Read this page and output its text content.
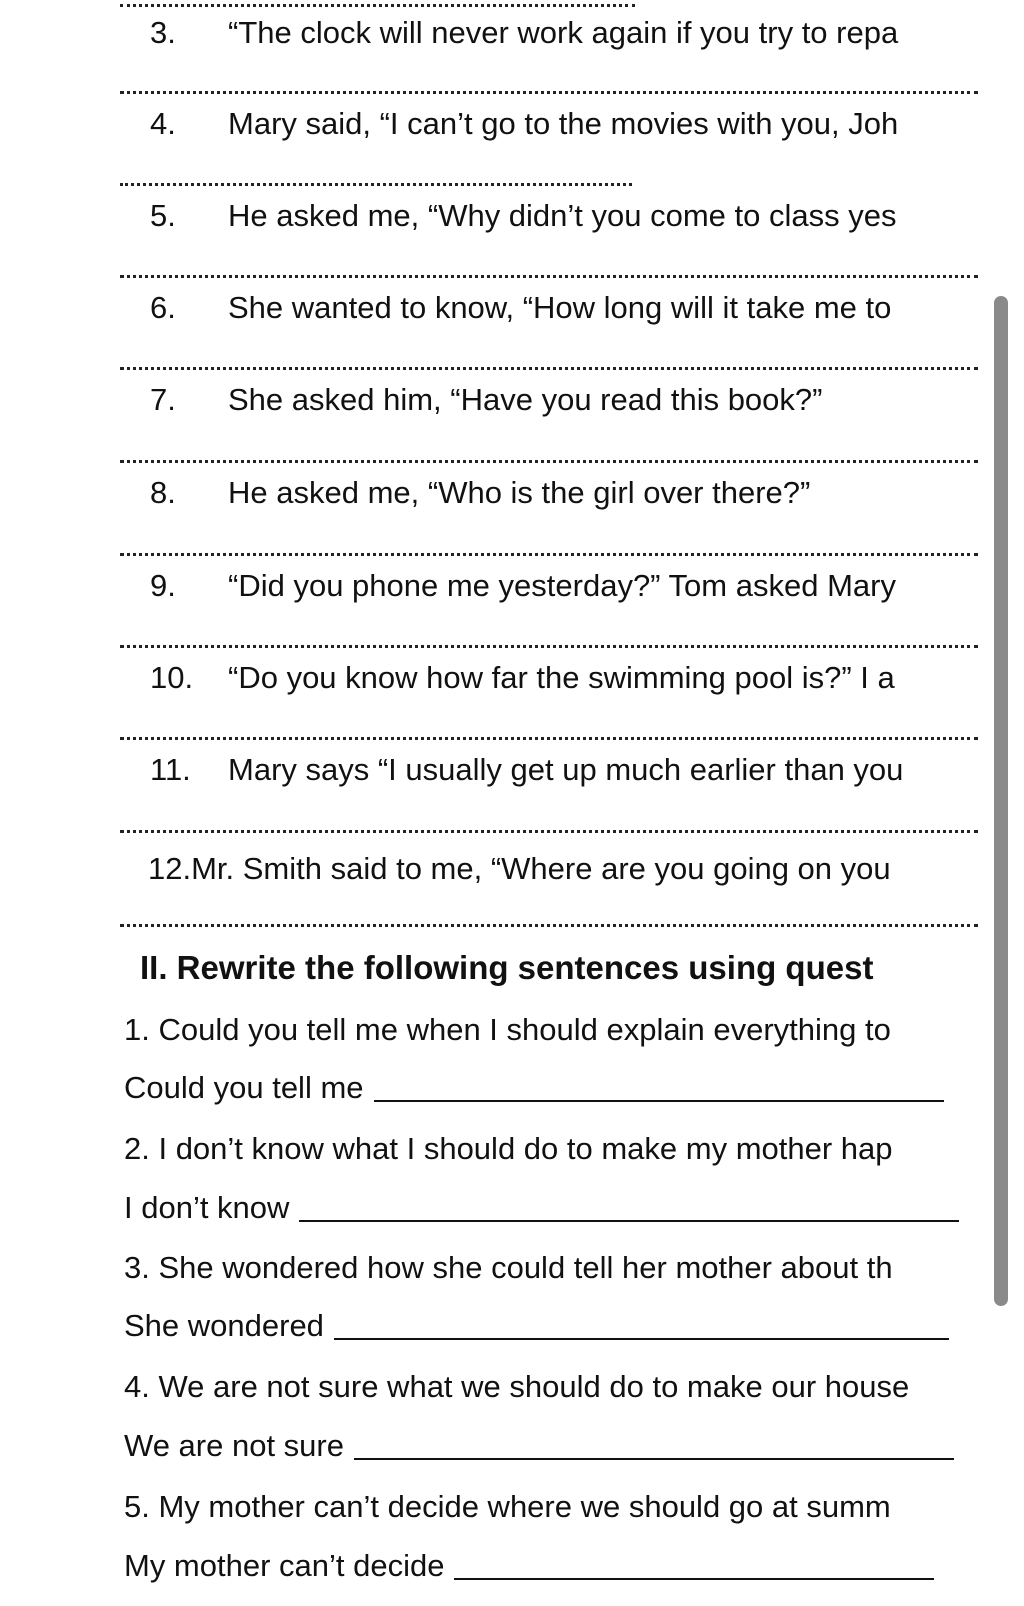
3. “The clock will never work again if you try to repa
4. Mary said, “I can’t go to the movies with you, Joh
5. He asked me, “Why didn’t you come to class yes
6. She wanted to know, “How long will it take me to
7. She asked him, “Have you read this book?”
8. He asked me, “Who is the girl over there?”
9. “Did you phone me yesterday?” Tom asked Mary
10. “Do you know how far the swimming pool is?” I a
11. Mary says “I usually get up much earlier than you
12.Mr. Smith said to me, “Where are you going on you
II. Rewrite the following sentences using quest
1. Could you tell me when I should explain everything to
Could you tell me
2. I don’t know what I should do to make my mother hap
I don’t know
3. She wondered how she could tell her mother about th
She wondered
4. We are not sure what we should do to make our house
We are not sure
5. My mother can’t decide where we should go at summ
My mother can’t decide
